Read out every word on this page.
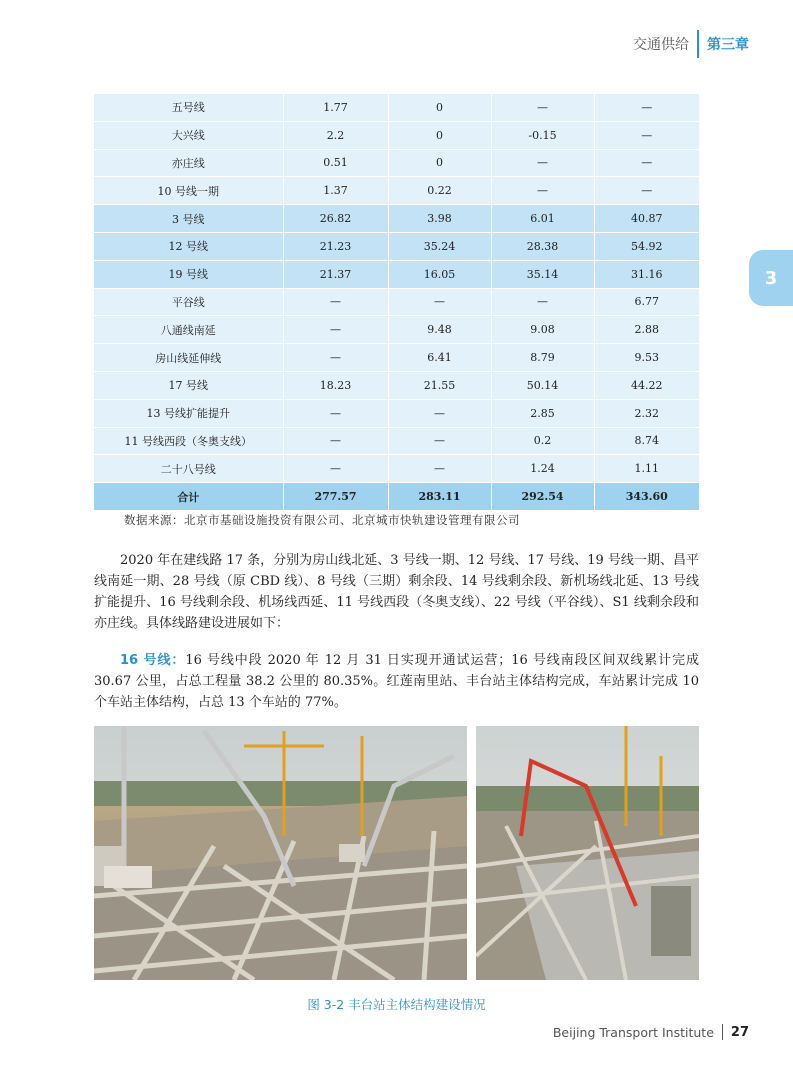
交通供给 第三章
3
五号线	1.77	0	—	—
大兴线	2.2	0	-0.15	—
亦庄线	0.51	0	—	—
10 号线一期	1.37	0.22	—	—
3 号线	26.82	3.98	6.01	40.87
12 号线	21.23	35.24	28.38	54.92
19 号线	21.37	16.05	35.14	31.16
平谷线	—	—	—	6.77
八通线南延	—	9.48	9.08	2.88
房山线延伸线	—	6.41	8.79	9.53
17 号线	18.23	21.55	50.14	44.22
13 号线扩能提升	—	—	2.85	2.32
11 号线西段（冬奥支线）	—	—	0.2	8.74
二十八号线	—	—	1.24	1.11
合计	277.57	283.11	292.54	343.60
数据来源：北京市基础设施投资有限公司、北京城市快轨建设管理有限公司

2020 年在建线路 17 条，分别为房山线北延、3 号线一期、12 号线、17 号线、19 号线一期、昌平线南延一期、28 号线（原 CBD 线）、8 号线（三期）剩余段、14 号线剩余段、新机场线北延、13 号线扩能提升、16 号线剩余段、机场线西延、11 号线西段（冬奥支线）、22 号线（平谷线）、S1 线剩余段和亦庄线。具体线路建设进展如下：

16 号线：16 号线中段 2020 年 12 月 31 日实现开通试运营；16 号线南段区间双线累计完成 30.67 公里，占总工程量 38.2 公里的 80.35%。红莲南里站、丰台站主体结构完成，车站累计完成 10 个车站主体结构，占总 13 个车站的 77%。

图 3-2 丰台站主体结构建设情况
Beijing Transport Institute 27
